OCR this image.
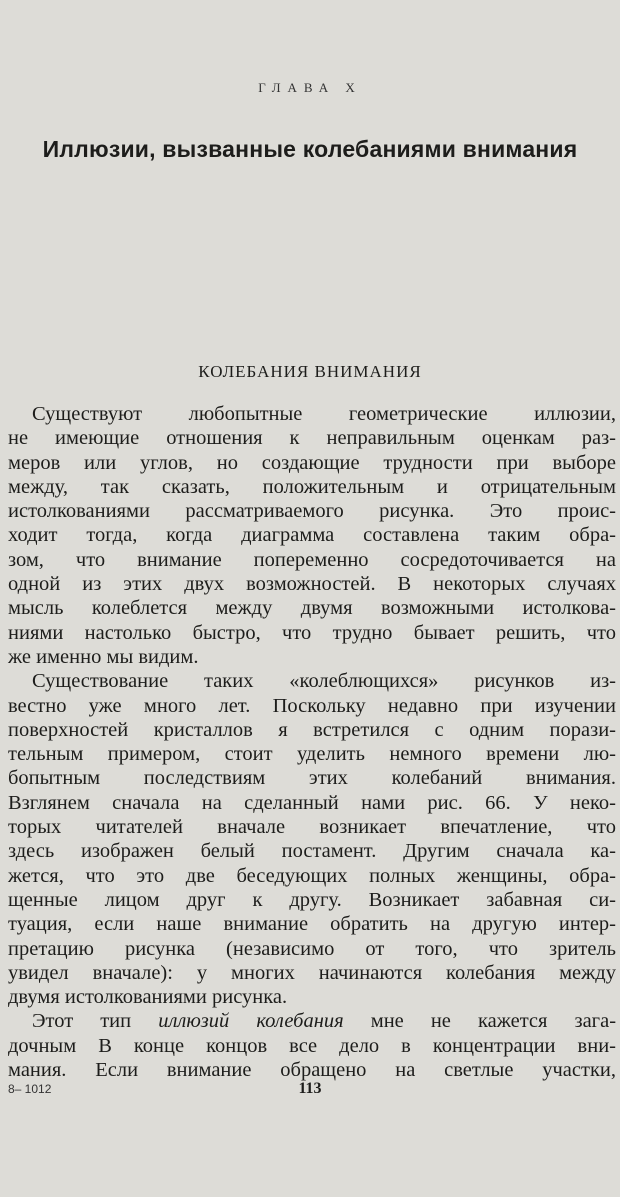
ГЛАВА X
Иллюзии, вызванные колебаниями внимания
КОЛЕБАНИЯ ВНИМАНИЯ
Существуют любопытные геометрические иллюзии,
не имеющие отношения к неправильным оценкам раз-
меров или углов, но создающие трудности при выборе
между, так сказать, положительным и отрицательным
истолкованиями рассматриваемого рисунка. Это проис-
ходит тогда, когда диаграмма составлена таким обра-
зом, что внимание попеременно сосредоточивается на
одной из этих двух возможностей. В некоторых случаях
мысль колеблется между двумя возможными истолкова-
ниями настолько быстро, что трудно бывает решить, что
же именно мы видим.
Существование таких «колеблющихся» рисунков из-
вестно уже много лет. Поскольку недавно при изучении
поверхностей кристаллов я встретился с одним порази-
тельным примером, стоит уделить немного времени лю-
бопытным последствиям этих колебаний внимания.
Взглянем сначала на сделанный нами рис. 66. У неко-
торых читателей вначале возникает впечатление, что
здесь изображен белый постамент. Другим сначала ка-
жется, что это две беседующих полных женщины, обра-
щенные лицом друг к другу. Возникает забавная си-
туация, если наше внимание обратить на другую интер-
претацию рисунка (независимо от того, что зритель
увидел вначале): у многих начинаются колебания между
двумя истолкованиями рисунка.
Этот тип иллюзий колебания мне не кажется зага-
дочным В конце концов все дело в концентрации вни-
мания. Если внимание обращено на светлые участки,
8– 1012	113
